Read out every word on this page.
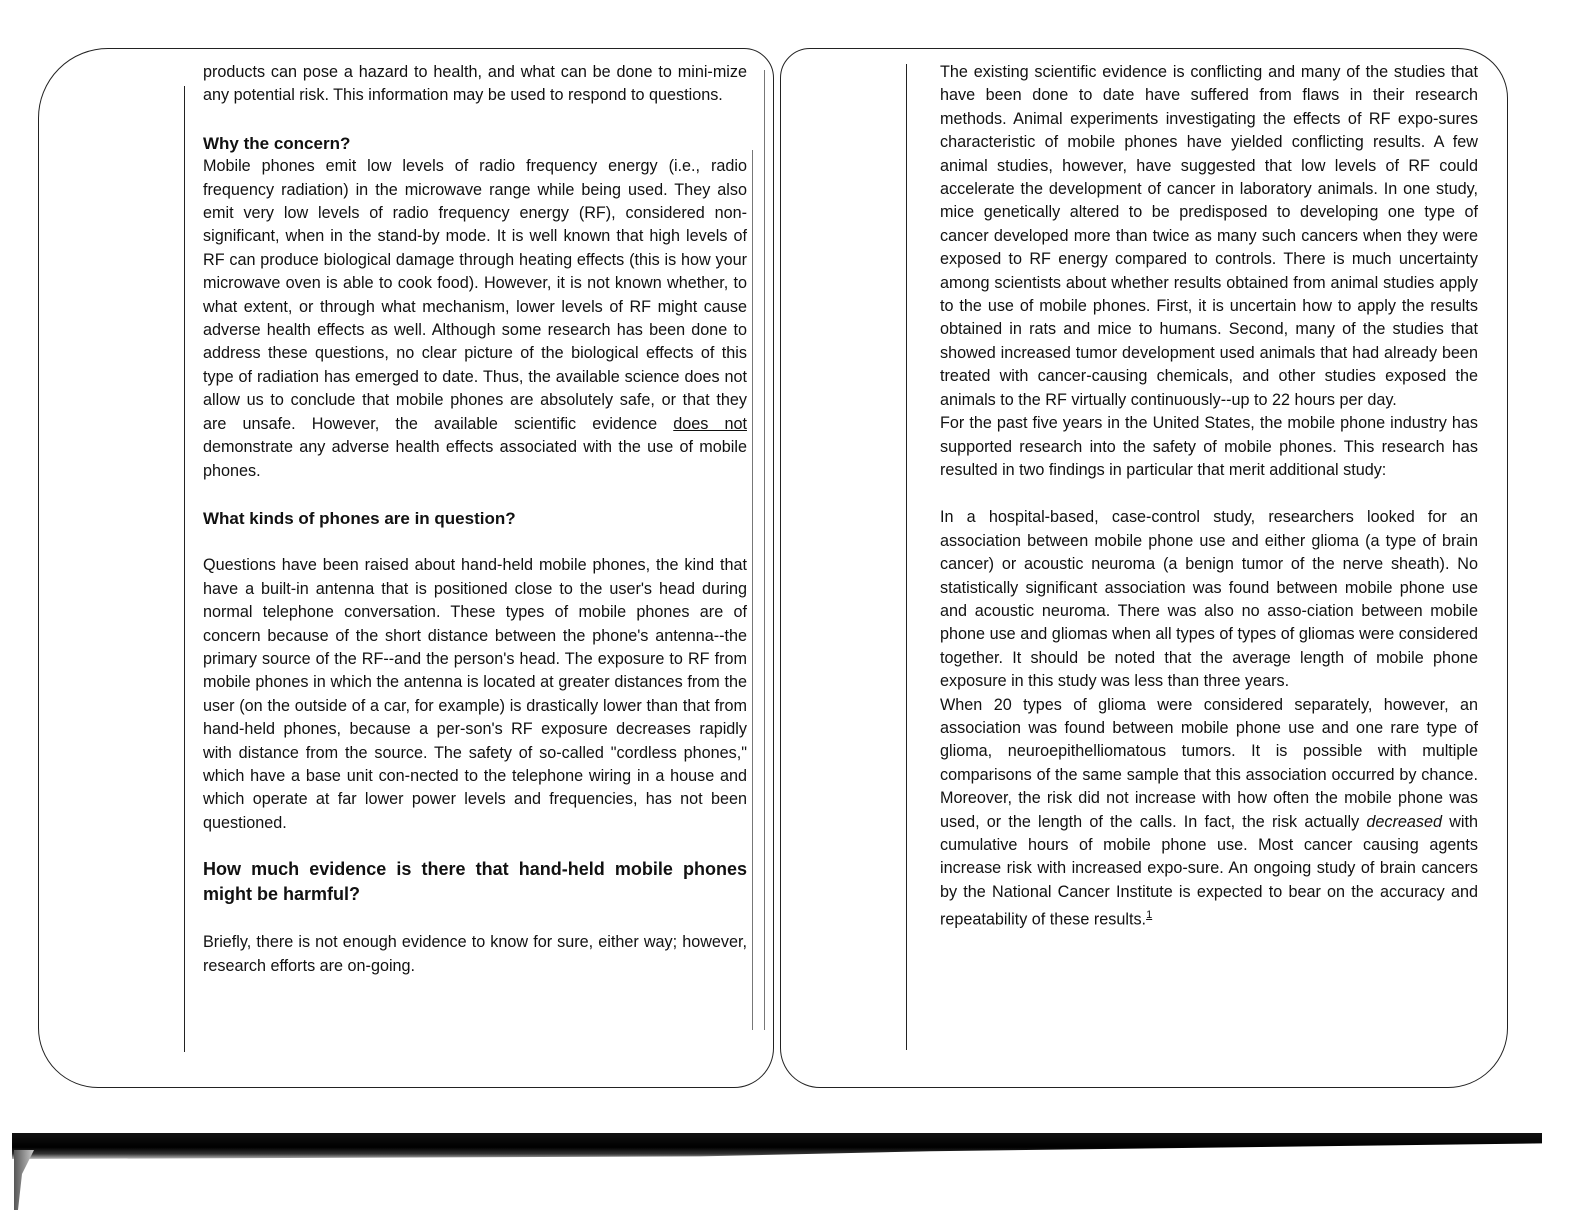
products can pose a hazard to health, and what can be done to mini-mize any potential risk. This information may be used to respond to questions.

Why the concern?

Mobile phones emit low levels of radio frequency energy (i.e., radio frequency radiation) in the microwave range while being used. They also emit very low levels of radio frequency energy (RF), considered non-significant, when in the stand-by mode. It is well known that high levels of RF can produce biological damage through heating effects (this is how your microwave oven is able to cook food). However, it is not known whether, to what extent, or through what mechanism, lower levels of RF might cause adverse health effects as well. Although some research has been done to address these questions, no clear picture of the biological effects of this type of radiation has emerged to date. Thus, the available science does not allow us to conclude that mobile phones are absolutely safe, or that they are unsafe. However, the available scientific evidence does not demonstrate any adverse health effects associated with the use of mobile phones.

What kinds of phones are in question?

Questions have been raised about hand-held mobile phones, the kind that have a built-in antenna that is positioned close to the user's head during normal telephone conversation. These types of mobile phones are of concern because of the short distance between the phone's antenna--the primary source of the RF--and the person's head. The exposure to RF from mobile phones in which the antenna is located at greater distances from the user (on the outside of a car, for example) is drastically lower than that from hand-held phones, because a per-son's RF exposure decreases rapidly with distance from the source. The safety of so-called "cordless phones," which have a base unit con-nected to the telephone wiring in a house and which operate at far lower power levels and frequencies, has not been questioned.

How much evidence is there that hand-held mobile phones might be harmful?

Briefly, there is not enough evidence to know for sure, either way; however, research efforts are on-going.

The existing scientific evidence is conflicting and many of the studies that have been done to date have suffered from flaws in their research methods. Animal experiments investigating the effects of RF expo-sures characteristic of mobile phones have yielded conflicting results. A few animal studies, however, have suggested that low levels of RF could accelerate the development of cancer in laboratory animals. In one study, mice genetically altered to be predisposed to developing one type of cancer developed more than twice as many such cancers when they were exposed to RF energy compared to controls. There is much uncertainty among scientists about whether results obtained from animal studies apply to the use of mobile phones. First, it is uncertain how to apply the results obtained in rats and mice to humans. Second, many of the studies that showed increased tumor development used animals that had already been treated with cancer-causing chemicals, and other studies exposed the animals to the RF virtually continuously--up to 22 hours per day.

For the past five years in the United States, the mobile phone industry has supported research into the safety of mobile phones. This research has resulted in two findings in particular that merit additional study:

In a hospital-based, case-control study, researchers looked for an association between mobile phone use and either glioma (a type of brain cancer) or acoustic neuroma (a benign tumor of the nerve sheath). No statistically significant association was found between mobile phone use and acoustic neuroma. There was also no asso-ciation between mobile phone use and gliomas when all types of types of gliomas were considered together. It should be noted that the average length of mobile phone exposure in this study was less than three years.

When 20 types of glioma were considered separately, however, an association was found between mobile phone use and one rare type of glioma, neuroepithelliomatous tumors. It is possible with multiple comparisons of the same sample that this association occurred by chance. Moreover, the risk did not increase with how often the mobile phone was used, or the length of the calls. In fact, the risk actually decreased with cumulative hours of mobile phone use. Most cancer causing agents increase risk with increased expo-sure. An ongoing study of brain cancers by the National Cancer Institute is expected to bear on the accuracy and repeatability of these results.$^1$
